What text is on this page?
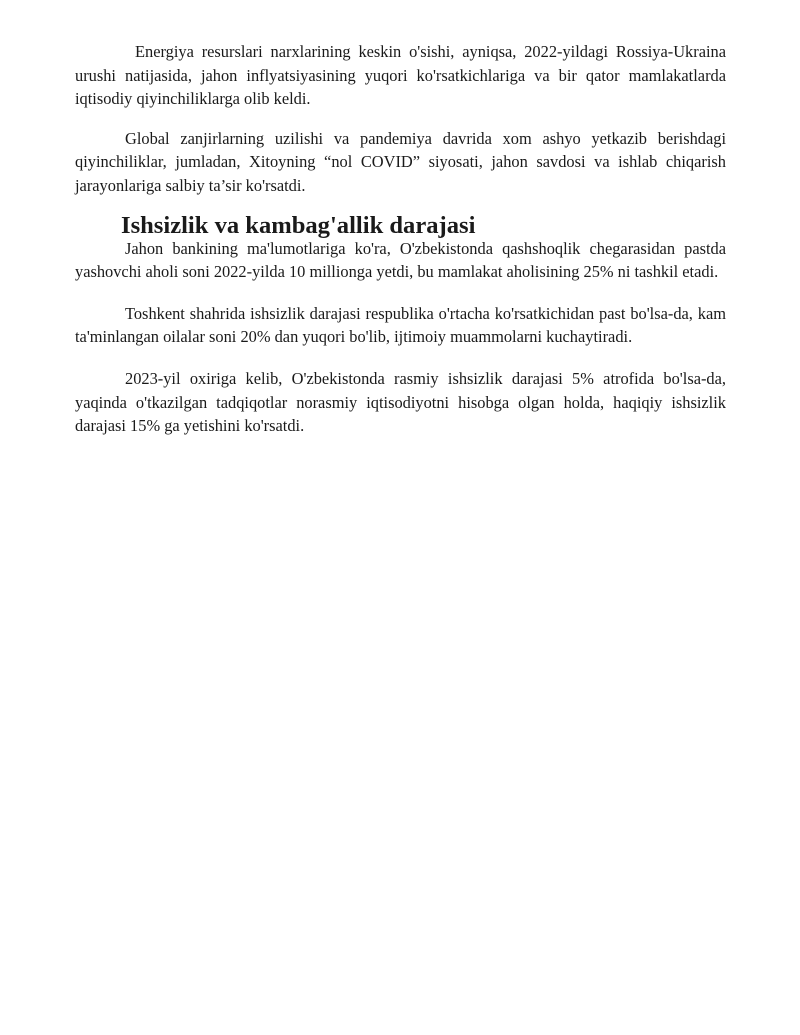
Energiya resurslari narxlarining keskin o'sishi, ayniqsa, 2022-yildagi Rossiya-Ukraina urushi natijasida, jahon inflyatsiyasining yuqori ko'rsatkichlariga va bir qator mamlakatlarda iqtisodiy qiyinchiliklarga olib keldi.

Global zanjirlarning uzilishi va pandemiya davrida xom ashyo yetkazib berishdagi qiyinchiliklar, jumladan, Xitoyning “nol COVID” siyosati, jahon savdosi va ishlab chiqarish jarayonlariga salbiy ta’sir ko'rsatdi.

Ishsizlik va kambag'allik darajasi

Jahon bankining ma'lumotlariga ko'ra, O'zbekistonda qashshoqlik chegarasidan pastda yashovchi aholi soni 2022-yilda 10 millionga yetdi, bu mamlakat aholisining 25% ni tashkil etadi.

Toshkent shahrida ishsizlik darajasi respublika o'rtacha ko'rsatkichidan past bo'lsa-da, kam ta'minlangan oilalar soni 20% dan yuqori bo'lib, ijtimoiy muammolarni kuchaytiradi.

2023-yil oxiriga kelib, O'zbekistonda rasmiy ishsizlik darajasi 5% atrofida bo'lsa-da, yaqinda o'tkazilgan tadqiqotlar norasmiy iqtisodiyotni hisobga olgan holda, haqiqiy ishsizlik darajasi 15% ga yetishini ko'rsatdi.
